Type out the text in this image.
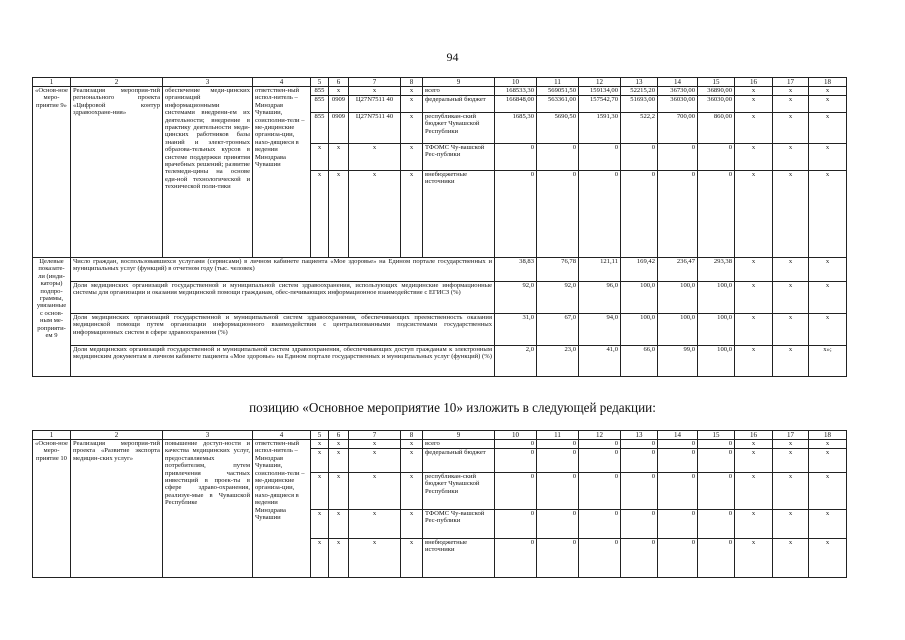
94
1	2	3	4	5	6	7	8	9	10	11	12	13	14	15	16	17	18
«Основ-ное меро-приятие 9»	Реализация мероприя-тий регионального проекта «Цифровой контур здравоохране-ния»	обеспечение меди-цинских организаций информационными системами внедрени-ем их деятельности; внедрение в практику деятельности меди-цинских работников базы знаний и элект-тронных образова-тельных курсов в системе поддержки принятия врачебных решений; развитие телемеди-цины на основе еди-ной технологической и технической поли-тики	ответствен-ный испол-нитель – Минздрав Чувашии, соисполни-тели – ме-дицинские организа-ции, нахо-дящиеся в ведении Минздрава Чувашии	855	х	х	х	всего	168533,30	569051,50	159134,00	52215,20	36730,00	36890,00	х	х	х
				855	0909	Ц27N7511 40	х	федеральный бюджет	166848,00	563361,00	157542,70	51693,00	36030,00	36030,00	х	х	х
				855	0909	Ц27N7511 40	х	республикан-ский бюджет Чувашской Республики	1685,30	5690,50	1591,30	522,2	700,00	860,00	х	х	х
				х	х	х	х	ТФОМС Чу-вашской Рес-публики	0	0	0	0	0	0	х	х	х
				х	х	х	х	внебюджетные источники	0	0	0	0	0	0	х	х	х
Целевые показате-ли (инди-каторы) подпро-граммы, увязанные с основ-ным ме-роприяти-ем 9	Число граждан, воспользовавшихся услугами (сервисами) в личном кабинете пациента «Мое здоровье» на Едином портале государственных и муниципальных услуг (функций) в отчетном году (тыс. человек)								38,83	76,78	121,11	169,42	236,47	293,38	х	х	х
	Доля медицинских организаций государственной и муниципальной систем здравоохранения, использующих медицинские информационные системы для организации и оказания медицинской помощи гражданам, обес-печивающих информационное взаимодействие с ЕГИСЗ (%)								92,0	92,0	96,0	100,0	100,0	100,0	х	х	х
	Доля медицинских организаций государственной и муниципальной систем здравоохранения, обеспечивающих преемственность оказания медицинской помощи путем организации информационного взаимодействия с централизованными подсистемами государственных информационных систем в сфере здравоохранения (%)								31,0	67,0	94,0	100,0	100,0	100,0	х	х	х
	Доля медицинских организаций государственной и муниципальной систем здравоохранения, обеспечивающих доступ гражданам к электронным медицинским документам в личном кабинете пациента «Мое здоровье» на Едином портале государственных и муниципальных услуг (функций) (%)								2,0	23,0	41,0	66,0	99,0	100,0	х	х	х»;
позицию «Основное мероприятие 10» изложить в следующей редакции:
1	2	3	4	5	6	7	8	9	10	11	12	13	14	15	16	17	18
«Основ-ное меро-приятие 10	Реализация мероприя-тий проекта «Развитие экспорта медицин-ских услуг»	повышение доступ-ности и качества медицинских услуг, предоставляемых потребителям, путем привлечения частных инвестиций в проек-ты в сфере здраво-охранения, реализуе-мые в Чувашской Республике	ответствен-ный испол-нитель – Минздрав Чувашии, соисполни-тели – ме-дицинские организа-ции, нахо-дящиеся в ведении Минздрава Чувашии	х	х	х	х	всего	0	0	0	0	0	0	х	х	х
				х	х	х	х	федеральный бюджет	0	0	0	0	0	0	х	х	х
				х	х	х	х	республикан-ский бюджет Чувашской Республики	0	0	0	0	0	0	х	х	х
				х	х	х	х	ТФОМС Чу-вашской Рес-публики	0	0	0	0	0	0	х	х	х
				х	х	х	х	внебюджетные источники	0	0	0	0	0	0	х	х	х
